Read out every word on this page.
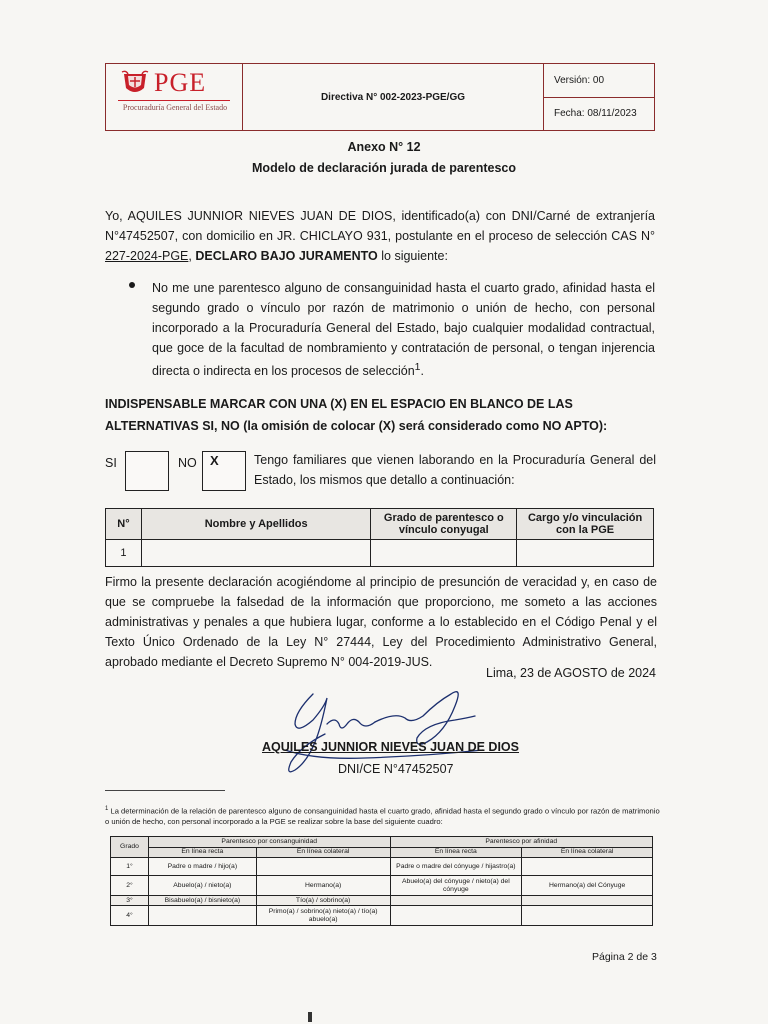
PGE
Procuraduría General del Estado
Directiva N° 002-2023-PGE/GG
Versión: 00
Fecha: 08/11/2023
Anexo N° 12
Modelo de declaración jurada de parentesco
Yo, AQUILES JUNNIOR NIEVES JUAN DE DIOS, identificado(a) con DNI/Carné de extranjería N°47452507, con domicilio en JR. CHICLAYO 931, postulante en el proceso de selección CAS N° 227-2024-PGE, DECLARO BAJO JURAMENTO lo siguiente:
No me une parentesco alguno de consanguinidad hasta el cuarto grado, afinidad hasta el segundo grado o vínculo por razón de matrimonio o unión de hecho, con personal incorporado a la Procuraduría General del Estado, bajo cualquier modalidad contractual, que goce de la facultad de nombramiento y contratación de personal, o tengan injerencia directa o indirecta en los procesos de selección$^1$.
INDISPENSABLE MARCAR CON UNA (X) EN EL ESPACIO EN BLANCO DE LAS ALTERNATIVAS SI, NO (la omisión de colocar (X) será considerado como NO APTO):
SI	NO	X	Tengo familiares que vienen laborando en la Procuraduría General del Estado, los mismos que detallo a continuación:
N°	Nombre y Apellidos	Grado de parentesco o vínculo conyugal	Cargo y/o vinculación con la PGE
1			
Firmo la presente declaración acogiéndome al principio de presunción de veracidad y, en caso de que se compruebe la falsedad de la información que proporciono, me someto a las acciones administrativas y penales a que hubiera lugar, conforme a lo establecido en el Código Penal y el Texto Único Ordenado de la Ley N° 27444, Ley del Procedimiento Administrativo General, aprobado mediante el Decreto Supremo N° 004-2019-JUS.
Lima, 23 de AGOSTO de 2024
AQUILES JUNNIOR NIEVES JUAN DE DIOS
DNI/CE N°47452507
$^1$ La determinación de la relación de parentesco alguno de consanguinidad hasta el cuarto grado, afinidad hasta el segundo grado o vínculo por razón de matrimonio o unión de hecho, con personal incorporado a la PGE se realizar sobre la base del siguiente cuadro:
Grado	Parentesco por consanguinidad		Parentesco por afinidad	
	En línea recta	En línea colateral	En línea recta	En línea colateral
1°	Padre o madre / hijo(a)		Padre o madre del cónyuge / hijastro(a)	
2°	Abuelo(a) / nieto(a)	Hermano(a)	Abuelo(a) del cónyuge / nieto(a) del cónyuge	Hermano(a) del Cónyuge
3°	Bisabuelo(a) / bisnieto(a)	Tío(a) / sobrino(a)		
4°		Primo(a) / sobrino(a) nieto(a) / tío(a) abuelo(a)		
Página 2 de 3
